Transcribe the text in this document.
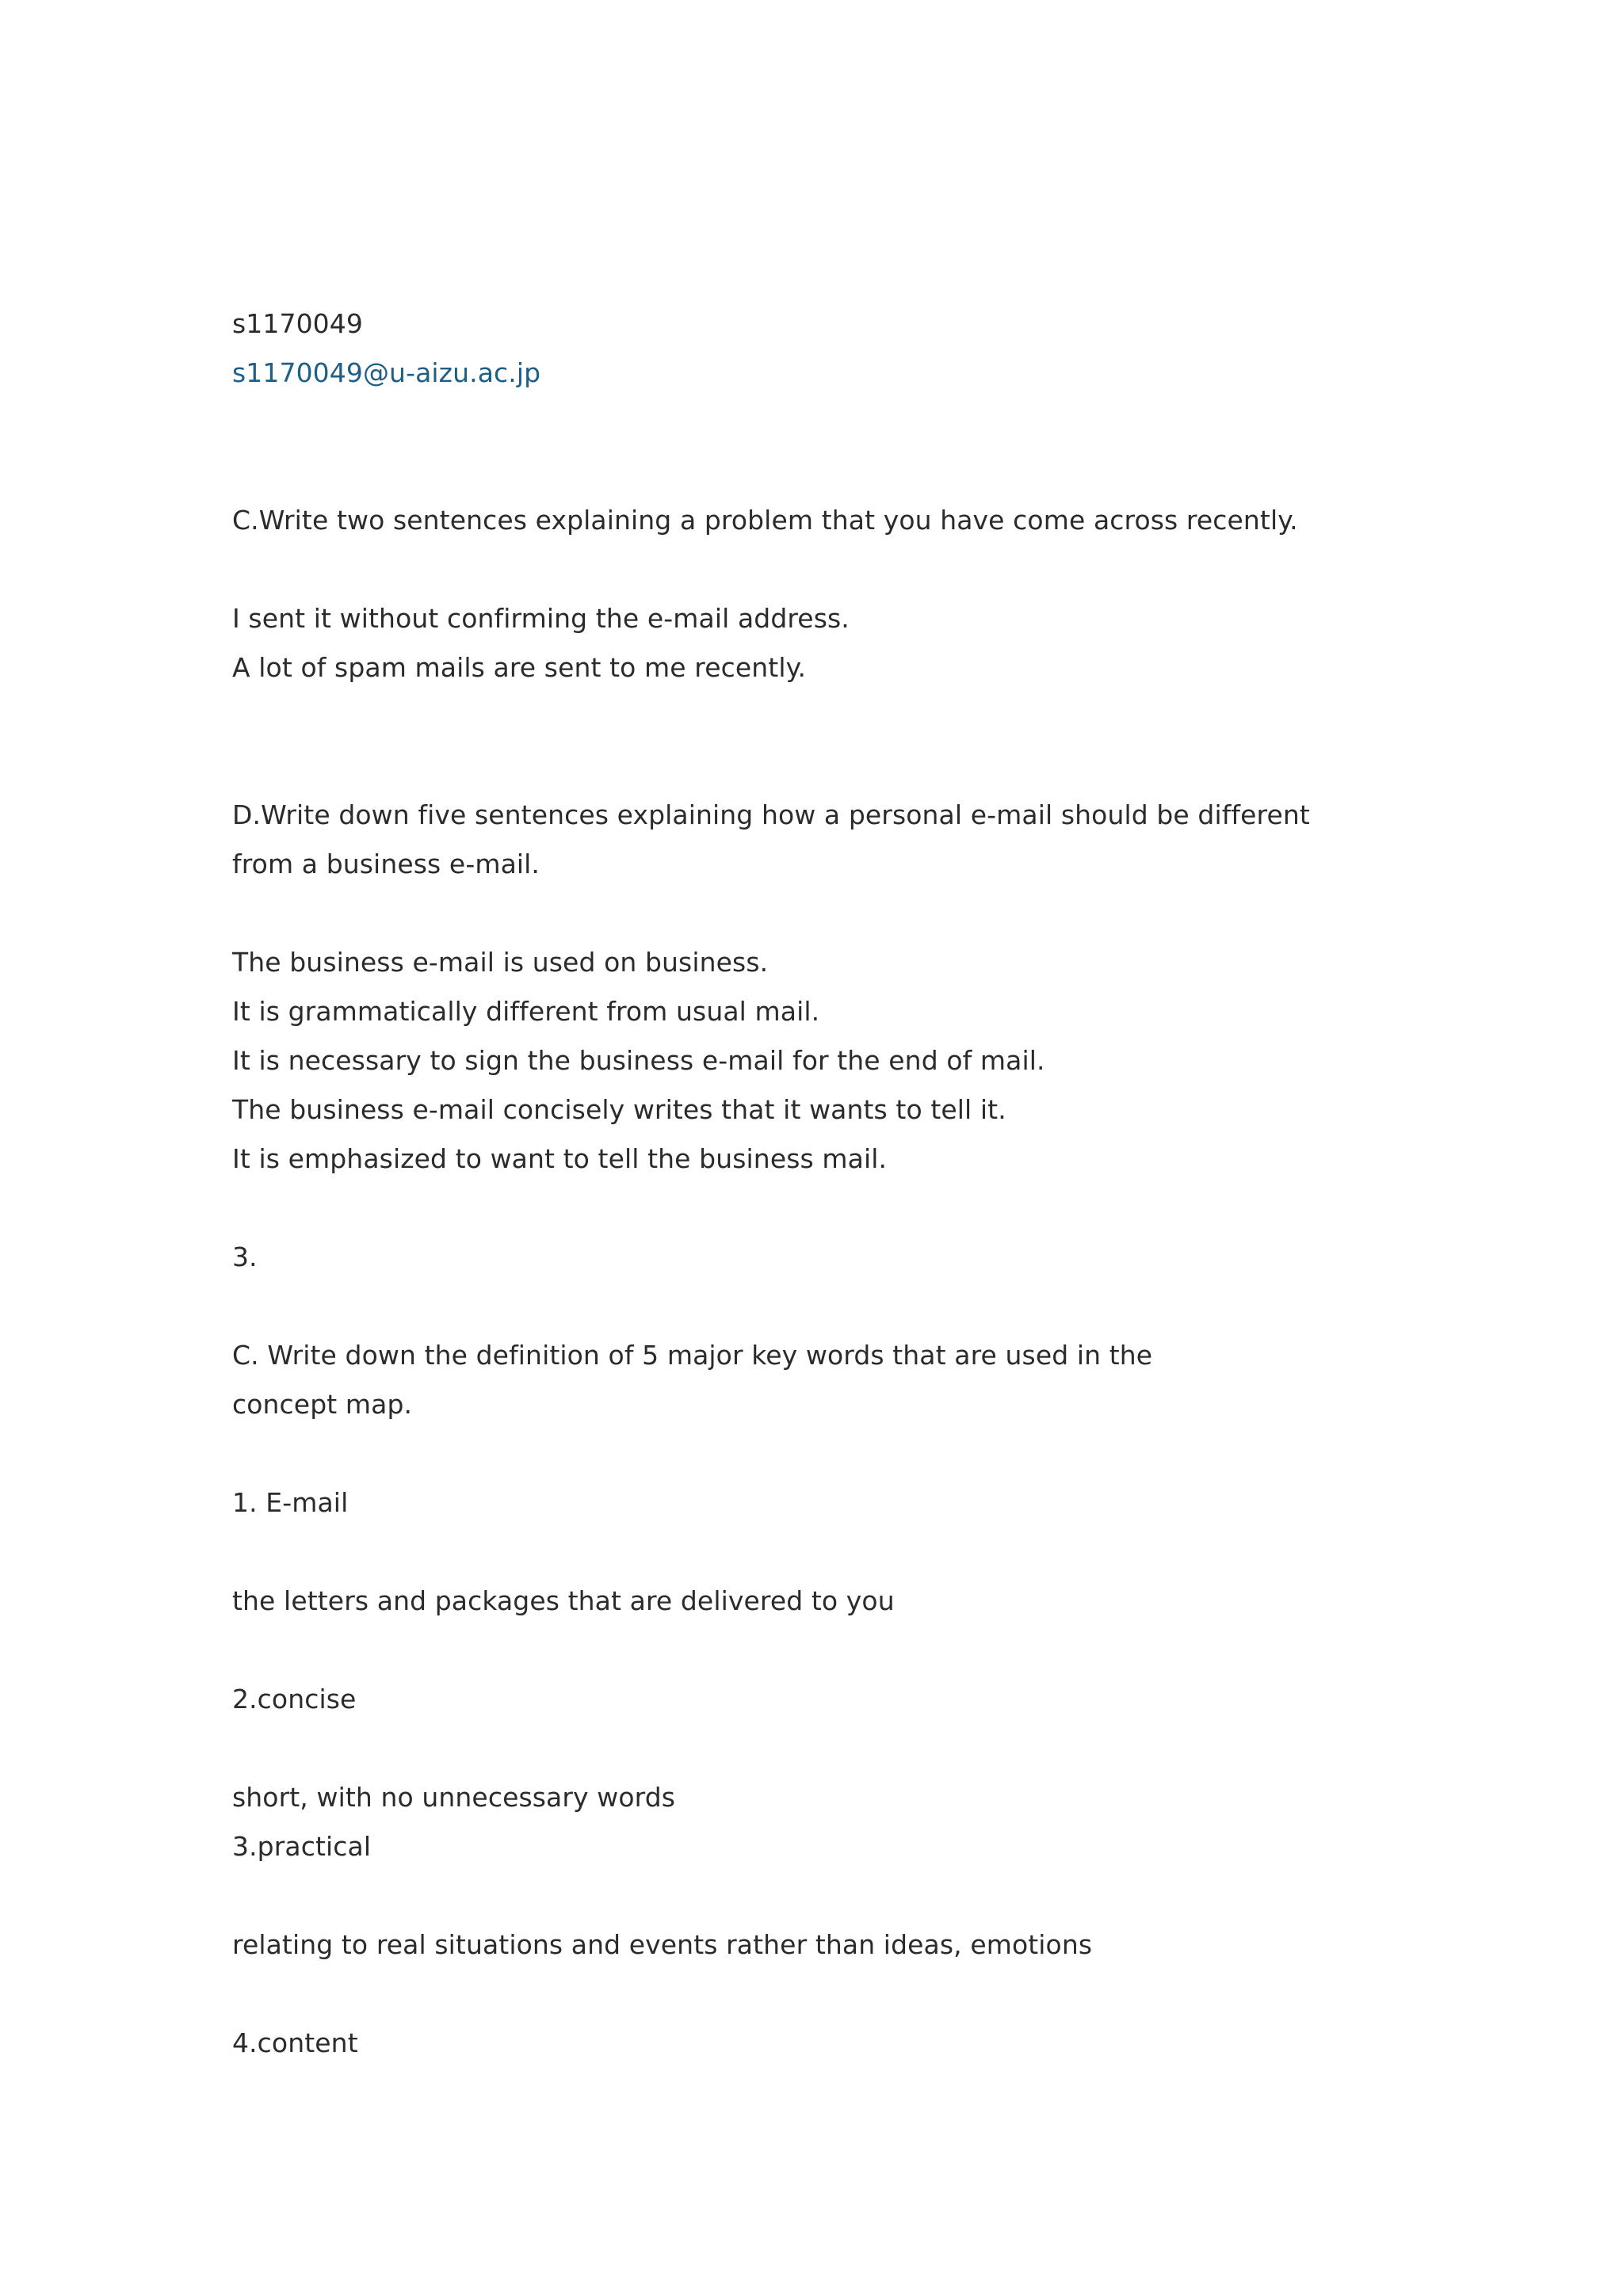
s1170049
s1170049@u-aizu.ac.jp
C.Write two sentences explaining a problem that you have come across recently.
I sent it without confirming the e-mail address.
A lot of spam mails are sent to me recently.
D.Write down five sentences explaining how a personal e-mail should be different
from a business e-mail.
The business e-mail is used on business.
It is grammatically different from usual mail.
It is necessary to sign the business e-mail for the end of mail.
The business e-mail concisely writes that it wants to tell it.
It is emphasized to want to tell the business mail.
3.
C. Write down the definition of 5 major key words that are used in the
concept map.
1. E-mail
the letters and packages that are delivered to you
2.concise
short, with no unnecessary words
3.practical
relating to real situations and events rather than ideas, emotions
4.content
